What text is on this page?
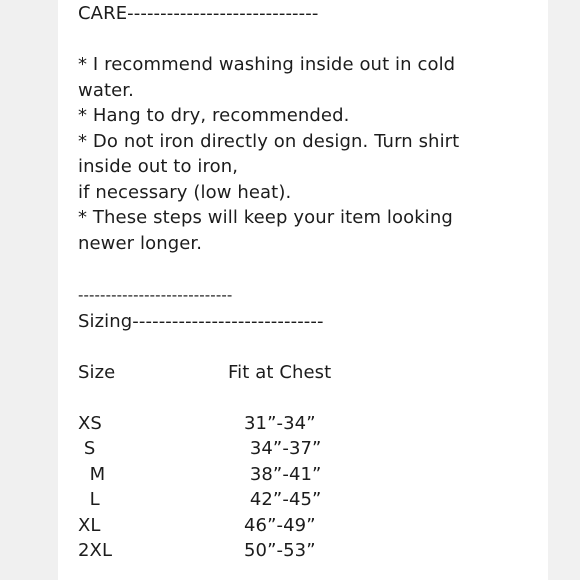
CARE-----------------------------
* I recommend washing inside out in cold
water.
* Hang to dry, recommended.
* Do not iron directly on design. Turn shirt
inside out to iron,
if necessary (low heat).
* These steps will keep your item looking
newer longer.
----------------------------
Sizing-----------------------------
Size	Fit at Chest
XS	31”-34”
S	34”-37”
M	38”-41”
L	42”-45”
XL	46”-49”
2XL	50”-53”
